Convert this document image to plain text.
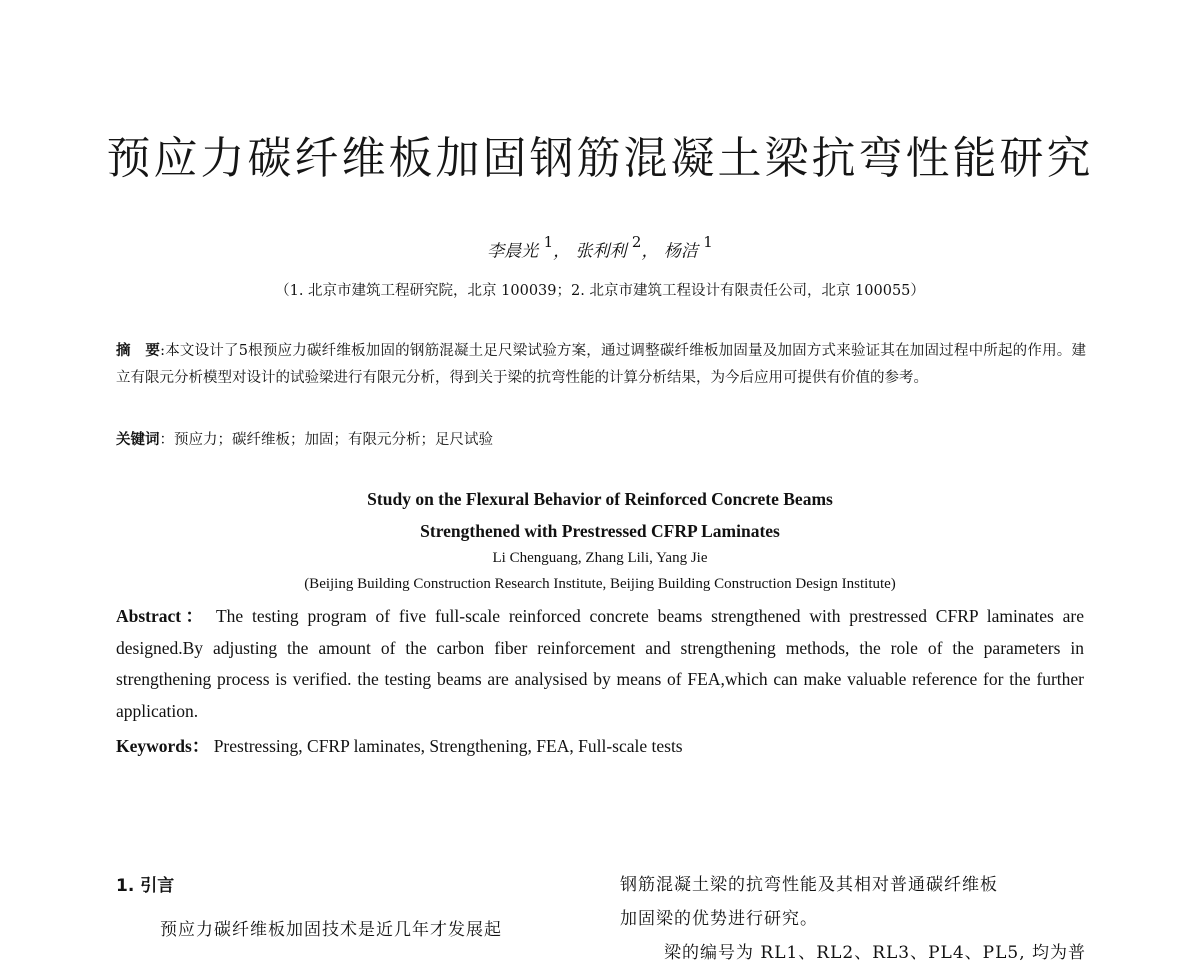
预应力碳纤维板加固钢筋混凝土梁抗弯性能研究
李晨光 $^1$， 张利利 $^2$， 杨洁 $^1$
（1. 北京市建筑工程研究院，北京 100039；2. 北京市建筑工程设计有限责任公司，北京 100055）
摘　要:本文设计了5根预应力碳纤维板加固的钢筋混凝土足尺梁试验方案，通过调整碳纤维板加固量及加固方式来验证其在加固过程中所起的作用。建立有限元分析模型对设计的试验梁进行有限元分析，得到关于梁的抗弯性能的计算分析结果，为今后应用可提供有价值的参考。
关键词：预应力；碳纤维板；加固；有限元分析；足尺试验
Study on the Flexural Behavior of Reinforced Concrete Beams
Strengthened with Prestressed CFRP Laminates
Li Chenguang, Zhang Lili, Yang Jie
(Beijing Building Construction Research Institute, Beijing Building Construction Design Institute)
Abstract： The testing program of five full-scale reinforced concrete beams strengthened with prestressed CFRP laminates are designed.By adjusting the amount of the carbon fiber reinforcement and strengthening methods, the role of the parameters in strengthening process is verified. the testing beams are analysised by means of FEA,which can make valuable reference for the further application.
Keywords： Prestressing, CFRP laminates, Strengthening, FEA, Full-scale tests
1. 引言
预应力碳纤维板加固技术是近几年才发展起
钢筋混凝土梁的抗弯性能及其相对普通碳纤维板
加固梁的优势进行研究。
梁的编号为 RL1、RL2、RL3、PL4、PL5, 均为普
